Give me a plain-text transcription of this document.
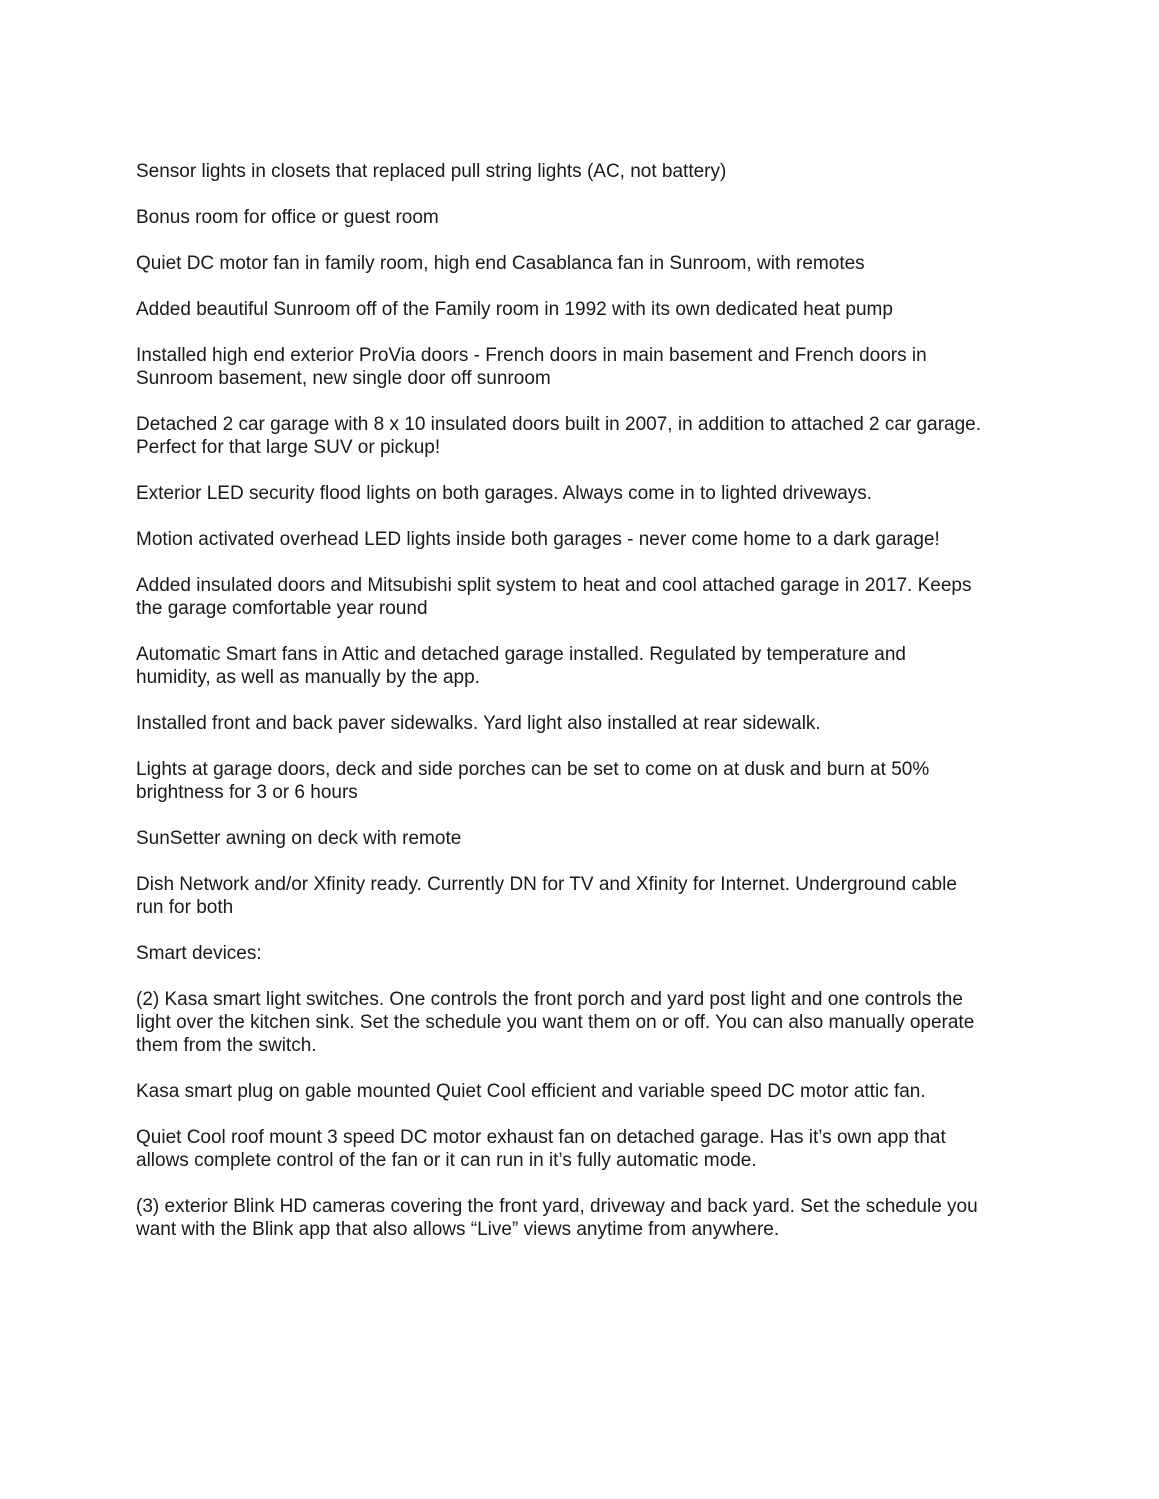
Sensor lights in closets that replaced pull string lights (AC, not battery)

Bonus room for office or guest room

Quiet DC motor fan in family room, high end Casablanca fan in Sunroom, with remotes

Added beautiful Sunroom off of the Family room in 1992 with its own dedicated heat pump

Installed high end exterior ProVia doors - French doors in main basement and French doors in
Sunroom basement, new single door off sunroom

Detached 2 car garage with 8 x 10 insulated doors built in 2007, in addition to attached 2 car garage.
Perfect for that large SUV or pickup!

Exterior LED security flood lights on both garages. Always come in to lighted driveways.

Motion activated overhead LED lights inside both garages - never come home to a dark garage!

Added insulated doors and Mitsubishi split system to heat and cool attached garage in 2017. Keeps
the garage comfortable year round

Automatic Smart fans in Attic and detached garage installed. Regulated by temperature and
humidity, as well as manually by the app.

Installed front and back paver sidewalks. Yard light also installed at rear sidewalk.

Lights at garage doors, deck and side porches can be set to come on at dusk and burn at 50%
brightness for 3 or 6 hours

SunSetter awning on deck with remote

Dish Network and/or Xfinity ready. Currently DN for TV and Xfinity for Internet. Underground cable
run for both

Smart devices:

(2) Kasa smart light switches. One controls the front porch and yard post light and one controls the
light over the kitchen sink. Set the schedule you want them on or off. You can also manually operate
them from the switch.

Kasa smart plug on gable mounted Quiet Cool efficient and variable speed DC motor attic fan.

Quiet Cool roof mount 3 speed DC motor exhaust fan on detached garage. Has it’s own app that
allows complete control of the fan or it can run in it’s fully automatic mode.

(3) exterior Blink HD cameras covering the front yard, driveway and back yard. Set the schedule you
want with the Blink app that also allows “Live” views anytime from anywhere.
